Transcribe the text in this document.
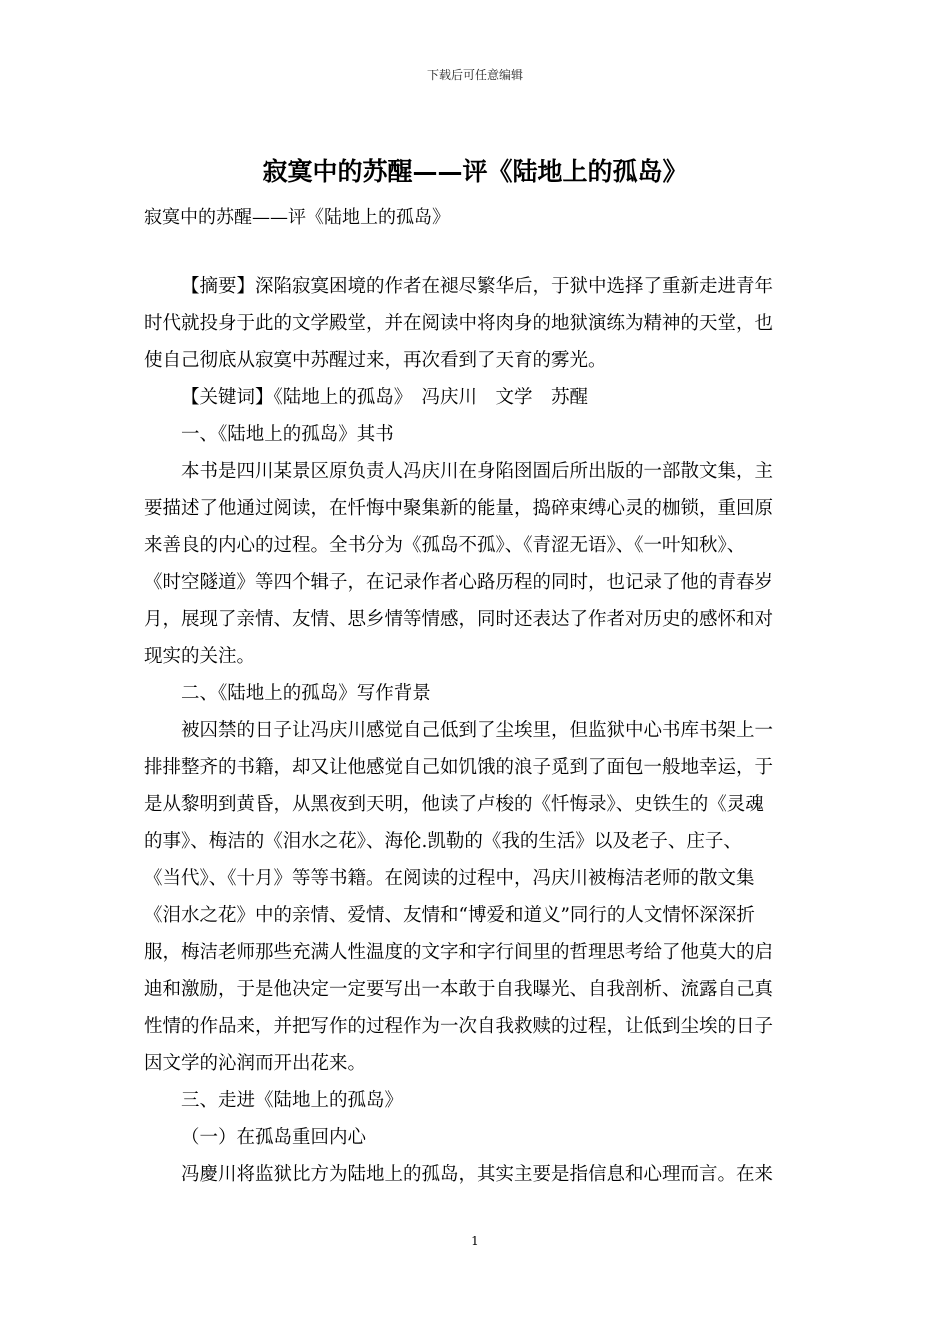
下载后可任意编辑
寂寞中的苏醒——评《陆地上的孤岛》
寂寞中的苏醒——评《陆地上的孤岛》
【摘要】深陷寂寞困境的作者在褪尽繁华后，于狱中选择了重新走进青年
时代就投身于此的文学殿堂，并在阅读中将肉身的地狱演练为精神的天堂，也
使自己彻底从寂寞中苏醒过来，再次看到了天育的雾光。
【关键词】《陆地上的孤岛》　冯庆川　文学　苏醒
一、《陆地上的孤岛》其书
本书是四川某景区原负责人冯庆川在身陷囹圄后所出版的一部散文集，主
要描述了他通过阅读，在忏悔中聚集新的能量，捣碎束缚心灵的枷锁，重回原
来善良的内心的过程。全书分为《孤岛不孤》、《青涩无语》、《一叶知秋》、
《时空隧道》等四个辑子，在记录作者心路历程的同时，也记录了他的青春岁
月，展现了亲情、友情、思乡情等情感，同时还表达了作者对历史的感怀和对
现实的关注。
二、《陆地上的孤岛》写作背景
被囚禁的日子让冯庆川感觉自己低到了尘埃里，但监狱中心书库书架上一
排排整齐的书籍，却又让他感觉自己如饥饿的浪子觅到了面包一般地幸运，于
是从黎明到黄昏，从黑夜到天明，他读了卢梭的《忏悔录》、史铁生的《灵魂
的事》、梅洁的《泪水之花》、海伦.凯勒的《我的生活》以及老子、庄子、
《当代》、《十月》等等书籍。在阅读的过程中，冯庆川被梅洁老师的散文集
《泪水之花》中的亲情、爱情、友情和“博爱和道义”同行的人文情怀深深折
服，梅洁老师那些充满人性温度的文字和字行间里的哲理思考给了他莫大的启
迪和激励，于是他决定一定要写出一本敢于自我曝光、自我剖析、流露自己真
性情的作品来，并把写作的过程作为一次自我救赎的过程，让低到尘埃的日子
因文学的沁润而开出花来。
三、走进《陆地上的孤岛》
（一）在孤岛重回内心
冯慶川将监狱比方为陆地上的孤岛，其实主要是指信息和心理而言。在来
1
